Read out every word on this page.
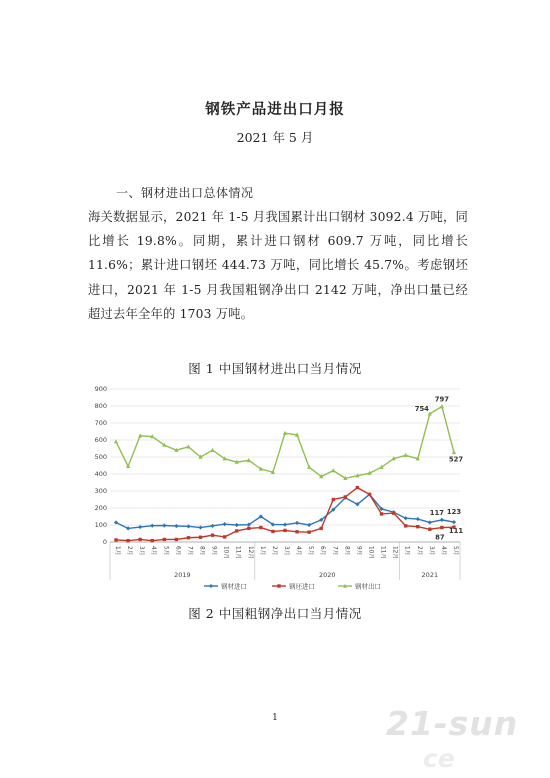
钢铁产品进出口月报
2021 年 5 月
一、钢材进出口总体情况
海关数据显示，2021 年 1-5 月我国累计出口钢材 3092.4 万吨，同比增长 19.8%。同期，累计进口钢材 609.7 万吨，同比增长 11.6%；累计进口钢坯 444.73 万吨，同比增长 45.7%。考虑钢坯进口，2021 年 1-5 月我国粗钢净出口 2142 万吨，净出口量已经超过去年全年的 1703 万吨。
图 1 中国钢材进出口当月情况
0
100
200
300
400
500
600
700
800
900
1月	2月	3月	4月	5月	6月	7月	8月	9月	10月	11月	12月	1月	2月	3月	4月	5月	6月	7月	8月	9月	10月	11月	12月	1月	2月	3月	4月	5月
2019	2020	2021
754
797
527
117 123
111
87
钢材进口	钢坯进口	钢材出口
图 2 中国粗钢净出口当月情况
1	21-sun
ce
